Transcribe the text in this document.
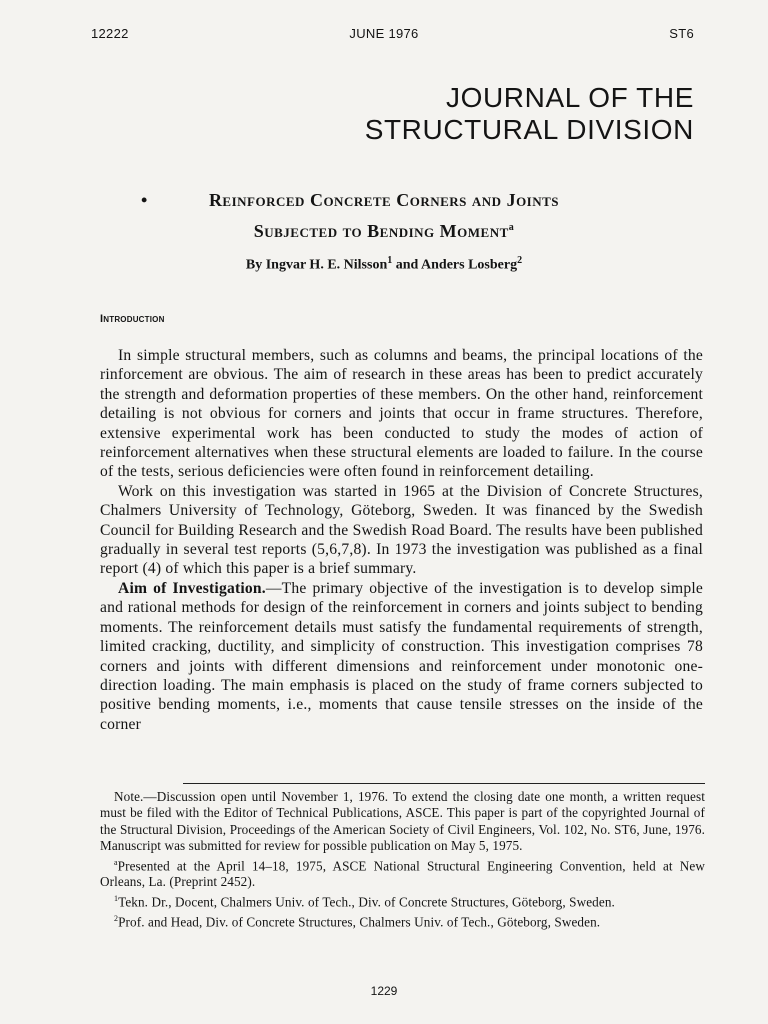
12222	JUNE 1976	ST6
JOURNAL OF THE
STRUCTURAL DIVISION
•	Reinforced Concrete Corners and Joints
Subjected to Bending Moment$^a$
By Ingvar H. E. Nilsson$^1$ and Anders Losberg$^2$
Introduction

In simple structural members, such as columns and beams, the principal locations of the rinforcement are obvious. The aim of research in these areas has been to predict accurately the strength and deformation properties of these members. On the other hand, reinforcement detailing is not obvious for corners and joints that occur in frame structures. Therefore, extensive experimental work has been conducted to study the modes of action of reinforcement alternatives when these structural elements are loaded to failure. In the course of the tests, serious deficiencies were often found in reinforcement detailing.

Work on this investigation was started in 1965 at the Division of Concrete Structures, Chalmers University of Technology, Göteborg, Sweden. It was financed by the Swedish Council for Building Research and the Swedish Road Board. The results have been published gradually in several test reports (5,6,7,8). In 1973 the investigation was published as a final report (4) of which this paper is a brief summary.

Aim of Investigation.—The primary objective of the investigation is to develop simple and rational methods for design of the reinforcement in corners and joints subject to bending moments. The reinforcement details must satisfy the fundamental requirements of strength, limited cracking, ductility, and simplicity of construction. This investigation comprises 78 corners and joints with different dimensions and reinforcement under monotonic one-direction loading. The main emphasis is placed on the study of frame corners subjected to positive bending moments, i.e., moments that cause tensile stresses on the inside of the corner

Note.—Discussion open until November 1, 1976. To extend the closing date one month, a written request must be filed with the Editor of Technical Publications, ASCE. This paper is part of the copyrighted Journal of the Structural Division, Proceedings of the American Society of Civil Engineers, Vol. 102, No. ST6, June, 1976. Manuscript was submitted for review for possible publication on May 5, 1975.

$^a$Presented at the April 14–18, 1975, ASCE National Structural Engineering Convention, held at New Orleans, La. (Preprint 2452).

$^1$Tekn. Dr., Docent, Chalmers Univ. of Tech., Div. of Concrete Structures, Göteborg, Sweden.

$^2$Prof. and Head, Div. of Concrete Structures, Chalmers Univ. of Tech., Göteborg, Sweden.

1229
